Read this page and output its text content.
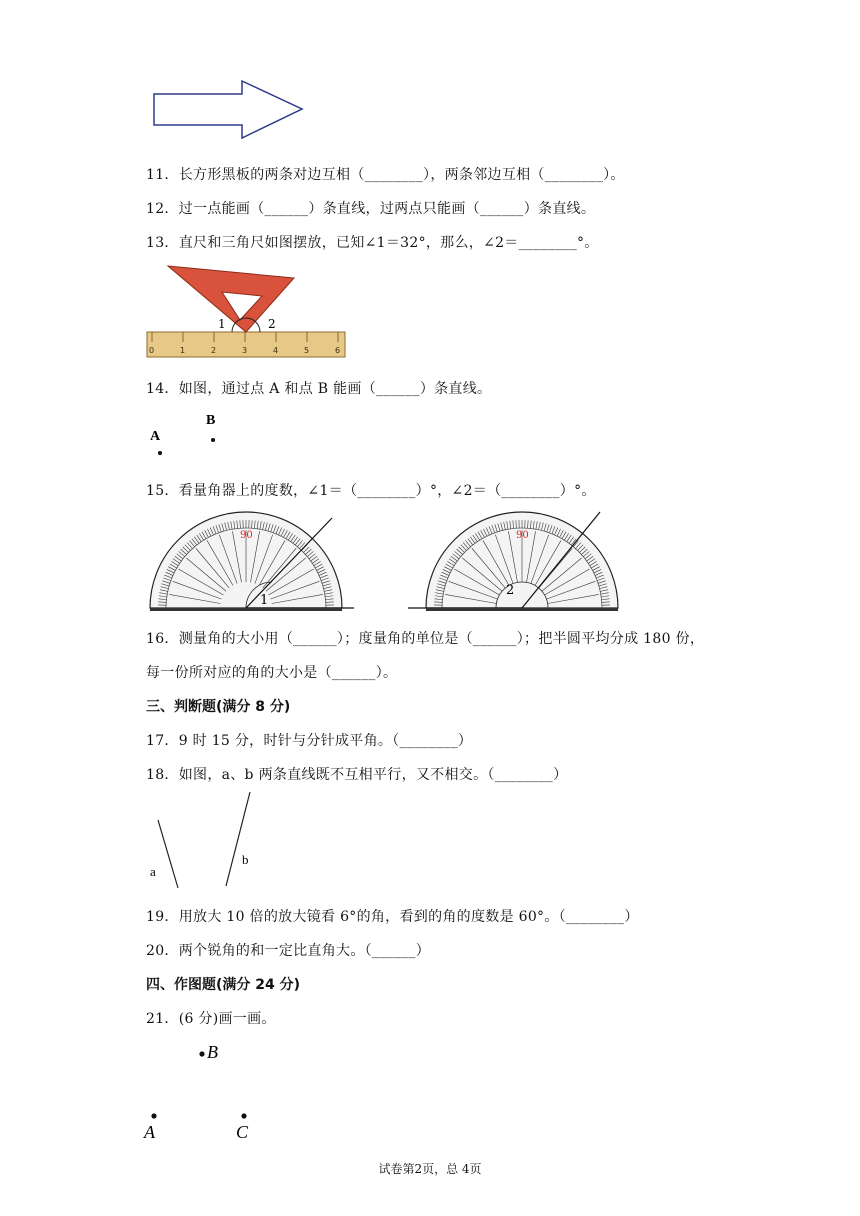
11．长方形黑板的两条对边互相（________），两条邻边互相（________）。
12．过一点能画（______）条直线，过两点只能画（______）条直线。
13．直尺和三角尺如图摆放，已知∠1＝32°，那么，∠2＝________°。
0	1	2	3	4	5	6
1	2
14．如图，通过点 A 和点 B 能画（______）条直线。
A
B
15．看量角器上的度数，∠1＝（________）°，∠2＝（________）°。
90
1
90
2
16．测量角的大小用（______）；度量角的单位是（______）；把半圆平均分成 180 份，
每一份所对应的角的大小是（______）。
三、判断题(满分 8 分)
17．9 时 15 分，时针与分针成平角。（________）
18．如图，a、b 两条直线既不互相平行，又不相交。（________）
a
b
19．用放大 10 倍的放大镜看 6°的角，看到的角的度数是 60°。（________）
20．两个锐角的和一定比直角大。（______）
四、作图题(满分 24 分)
21．(6 分)画一画。
B
A	C
试卷第2页，总 4页
